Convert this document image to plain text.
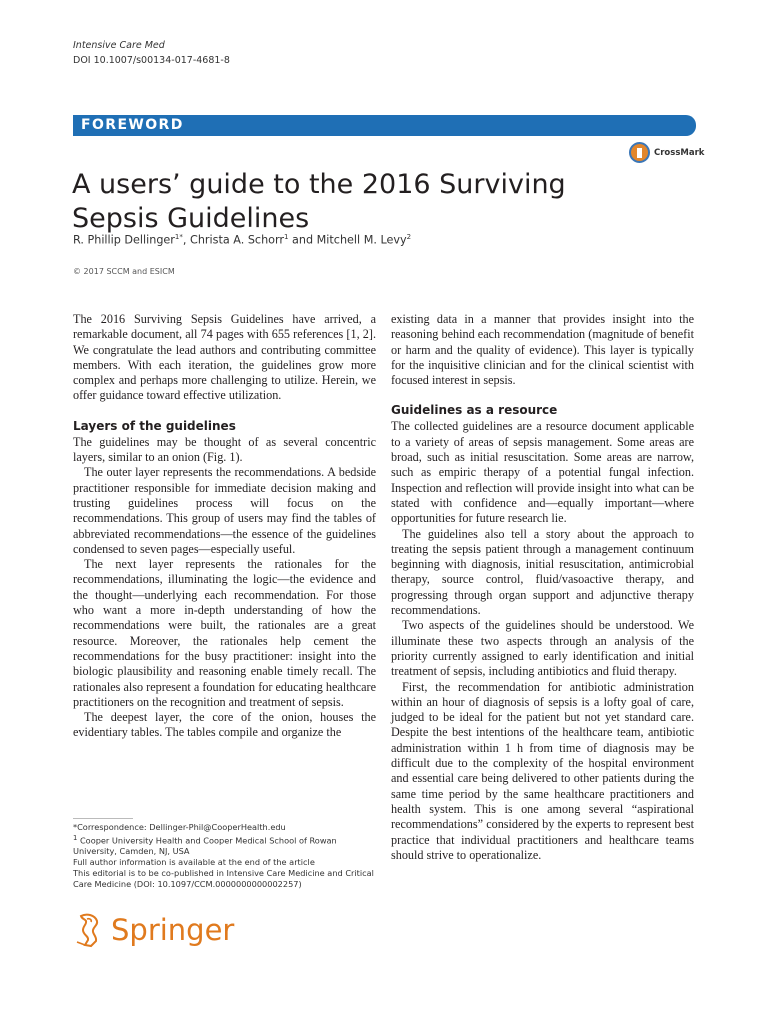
Intensive Care Med
DOI 10.1007/s00134-017-4681-8
FOREWORD
A users’ guide to the 2016 Surviving
Sepsis Guidelines
CrossMark
R. Phillip Dellinger$^{1*}$, Christa A. Schorr$^1$ and Mitchell M. Levy$^2$
© 2017 SCCM and ESICM

The 2016 Surviving Sepsis Guidelines have arrived, a remarkable document, all 74 pages with 655 references [1, 2]. We congratulate the lead authors and contributing committee members. With each iteration, the guidelines grow more complex and perhaps more challenging to utilize. Herein, we offer guidance toward effective utilization.

Layers of the guidelines

The guidelines may be thought of as several concentric layers, similar to an onion (Fig. 1).

The outer layer represents the recommendations. A bedside practitioner responsible for immediate decision making and trusting guidelines process will focus on the recommendations. This group of users may find the tables of abbreviated recommendations—the essence of the guidelines condensed to seven pages—especially useful.

The next layer represents the rationales for the recommendations, illuminating the logic—the evidence and the thought—underlying each recommendation. For those who want a more in-depth understanding of how the recommendations were built, the rationales are a great resource. Moreover, the rationales help cement the recommendations for the busy practitioner: insight into the biologic plausibility and reasoning enable timely recall. The rationales also represent a foundation for educating healthcare practitioners on the recognition and treatment of sepsis.

The deepest layer, the core of the onion, houses the evidentiary tables. The tables compile and organize the

existing data in a manner that provides insight into the reasoning behind each recommendation (magnitude of benefit or harm and the quality of evidence). This layer is typically for the inquisitive clinician and for the clinical scientist with focused interest in sepsis.

Guidelines as a resource

The collected guidelines are a resource document applicable to a variety of areas of sepsis management. Some areas are broad, such as initial resuscitation. Some areas are narrow, such as empiric therapy of a potential fungal infection. Inspection and reflection will provide insight into what can be stated with confidence and—equally important—where opportunities for future research lie.

The guidelines also tell a story about the approach to treating the sepsis patient through a management continuum beginning with diagnosis, initial resuscitation, antimicrobial therapy, source control, fluid/vasoactive therapy, and progressing through organ support and adjunctive therapy recommendations.

Two aspects of the guidelines should be understood. We illuminate these two aspects through an analysis of the priority currently assigned to early identification and initial treatment of sepsis, including antibiotics and fluid therapy.

First, the recommendation for antibiotic administration within an hour of diagnosis of sepsis is a lofty goal of care, judged to be ideal for the patient but not yet standard care. Despite the best intentions of the healthcare team, antibiotic administration within 1 h from time of diagnosis may be difficult due to the complexity of the hospital environment and essential care being delivered to other patients during the same time period by the same healthcare practitioners and health system. This is one among several “aspirational recommendations” considered by the experts to represent best practice that individual practitioners and healthcare teams should strive to operationalize.

*Correspondence: Dellinger-Phil@CooperHealth.edu
$^1$ Cooper University Health and Cooper Medical School of Rowan University, Camden, NJ, USA
Full author information is available at the end of the article
This editorial is to be co-published in Intensive Care Medicine and Critical Care Medicine (DOI: 10.1097/CCM.0000000000002257)
Springer
